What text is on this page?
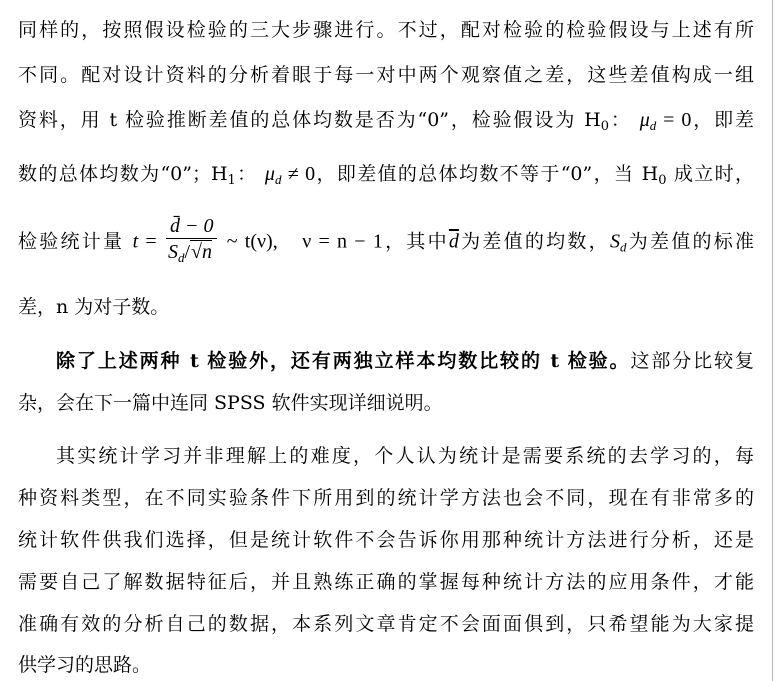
同样的，按照假设检验的三大步骤进行。不过，配对检验的检验假设与上述有所
不同。配对设计资料的分析着眼于每一对中两个观察值之差，这些差值构成一组
资料，用 t 检验推断差值的总体均数是否为“0”，检验假设为 $H_0$： $\mu_d = 0$，即差
数的总体均数为“0”；$H_1$： $\mu_d \ne 0$，即差值的总体均数不等于“0”，当 $H_0$ 成立时，
检验统计量 $t = \frac{d̄ - 0}{S_d/√n}$ ~ t(ν),　ν = n − 1，其中$\overline{d}$为差值的均数，$S_d$为差值的标准
差，n 为对子数。
除了上述两种 t 检验外，还有两独立样本均数比较的 t 检验。这部分比较复
杂，会在下一篇中连同 SPSS 软件实现详细说明。
其实统计学习并非理解上的难度，个人认为统计是需要系统的去学习的，每
种资料类型，在不同实验条件下所用到的统计学方法也会不同，现在有非常多的
统计软件供我们选择，但是统计软件不会告诉你用那种统计方法进行分析，还是
需要自己了解数据特征后，并且熟练正确的掌握每种统计方法的应用条件，才能
准确有效的分析自己的数据，本系列文章肯定不会面面俱到，只希望能为大家提
供学习的思路。
